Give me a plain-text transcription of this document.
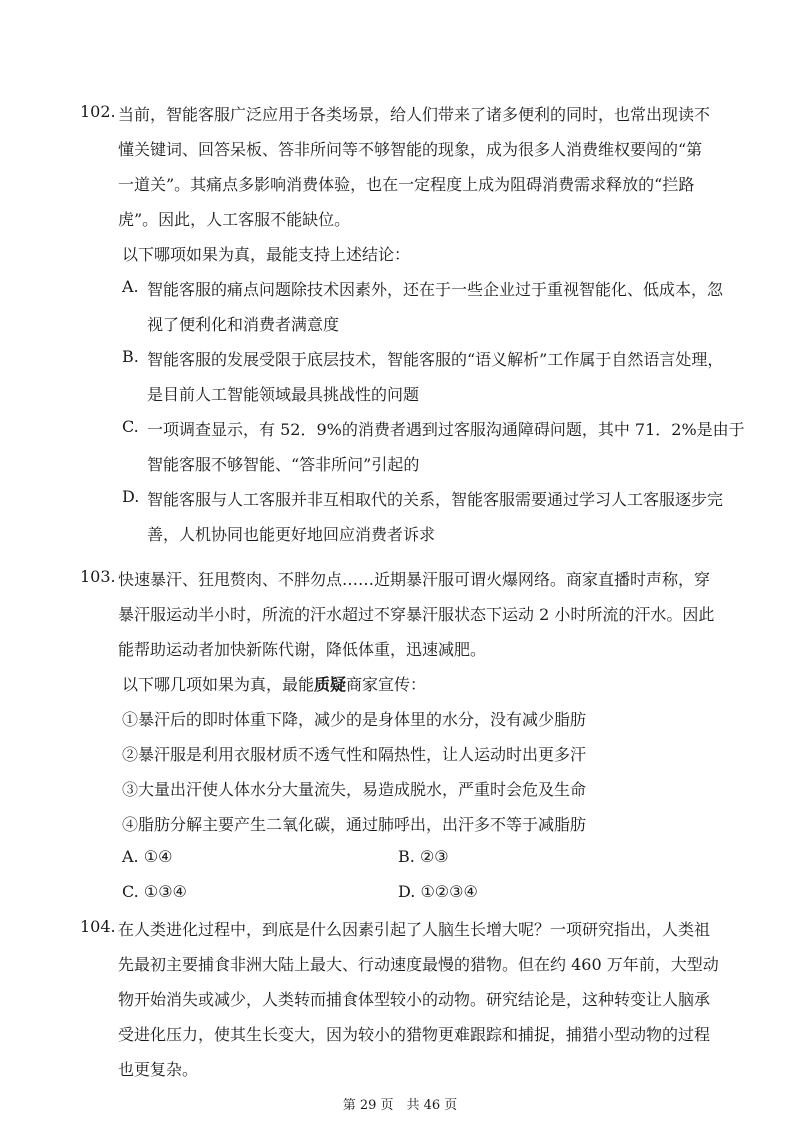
102. 当前，智能客服广泛应用于各类场景，给人们带来了诸多便利的同时，也常出现读不
懂关键词、回答呆板、答非所问等不够智能的现象，成为很多人消费维权要闯的“第
一道关”。其痛点多影响消费体验，也在一定程度上成为阻碍消费需求释放的“拦路
虎”。因此，人工客服不能缺位。
以下哪项如果为真，最能支持上述结论：
A. 智能客服的痛点问题除技术因素外，还在于一些企业过于重视智能化、低成本，忽
视了便利化和消费者满意度
B. 智能客服的发展受限于底层技术，智能客服的“语义解析”工作属于自然语言处理，
是目前人工智能领域最具挑战性的问题
C. 一项调查显示，有 52．9%的消费者遇到过客服沟通障碍问题，其中 71．2%是由于
智能客服不够智能、“答非所问”引起的
D. 智能客服与人工客服并非互相取代的关系，智能客服需要通过学习人工客服逐步完
善，人机协同也能更好地回应消费者诉求
103. 快速暴汗、狂甩赘肉、不胖勿点……近期暴汗服可谓火爆网络。商家直播时声称，穿
暴汗服运动半小时，所流的汗水超过不穿暴汗服状态下运动 2 小时所流的汗水。因此
能帮助运动者加快新陈代谢，降低体重，迅速减肥。
以下哪几项如果为真，最能质疑商家宣传：
①暴汗后的即时体重下降，减少的是身体里的水分，没有减少脂肪
②暴汗服是利用衣服材质不透气性和隔热性，让人运动时出更多汗
③大量出汗使人体水分大量流失，易造成脱水，严重时会危及生命
④脂肪分解主要产生二氧化碳，通过肺呼出，出汗多不等于减脂肪
A. ①④	B. ②③
C. ①③④	D. ①②③④
104. 在人类进化过程中，到底是什么因素引起了人脑生长增大呢？一项研究指出，人类祖
先最初主要捕食非洲大陆上最大、行动速度最慢的猎物。但在约 460 万年前，大型动
物开始消失或减少，人类转而捕食体型较小的动物。研究结论是，这种转变让人脑承
受进化压力，使其生长变大，因为较小的猎物更难跟踪和捕捉，捕猎小型动物的过程
也更复杂。
第 29 页　共 46 页
